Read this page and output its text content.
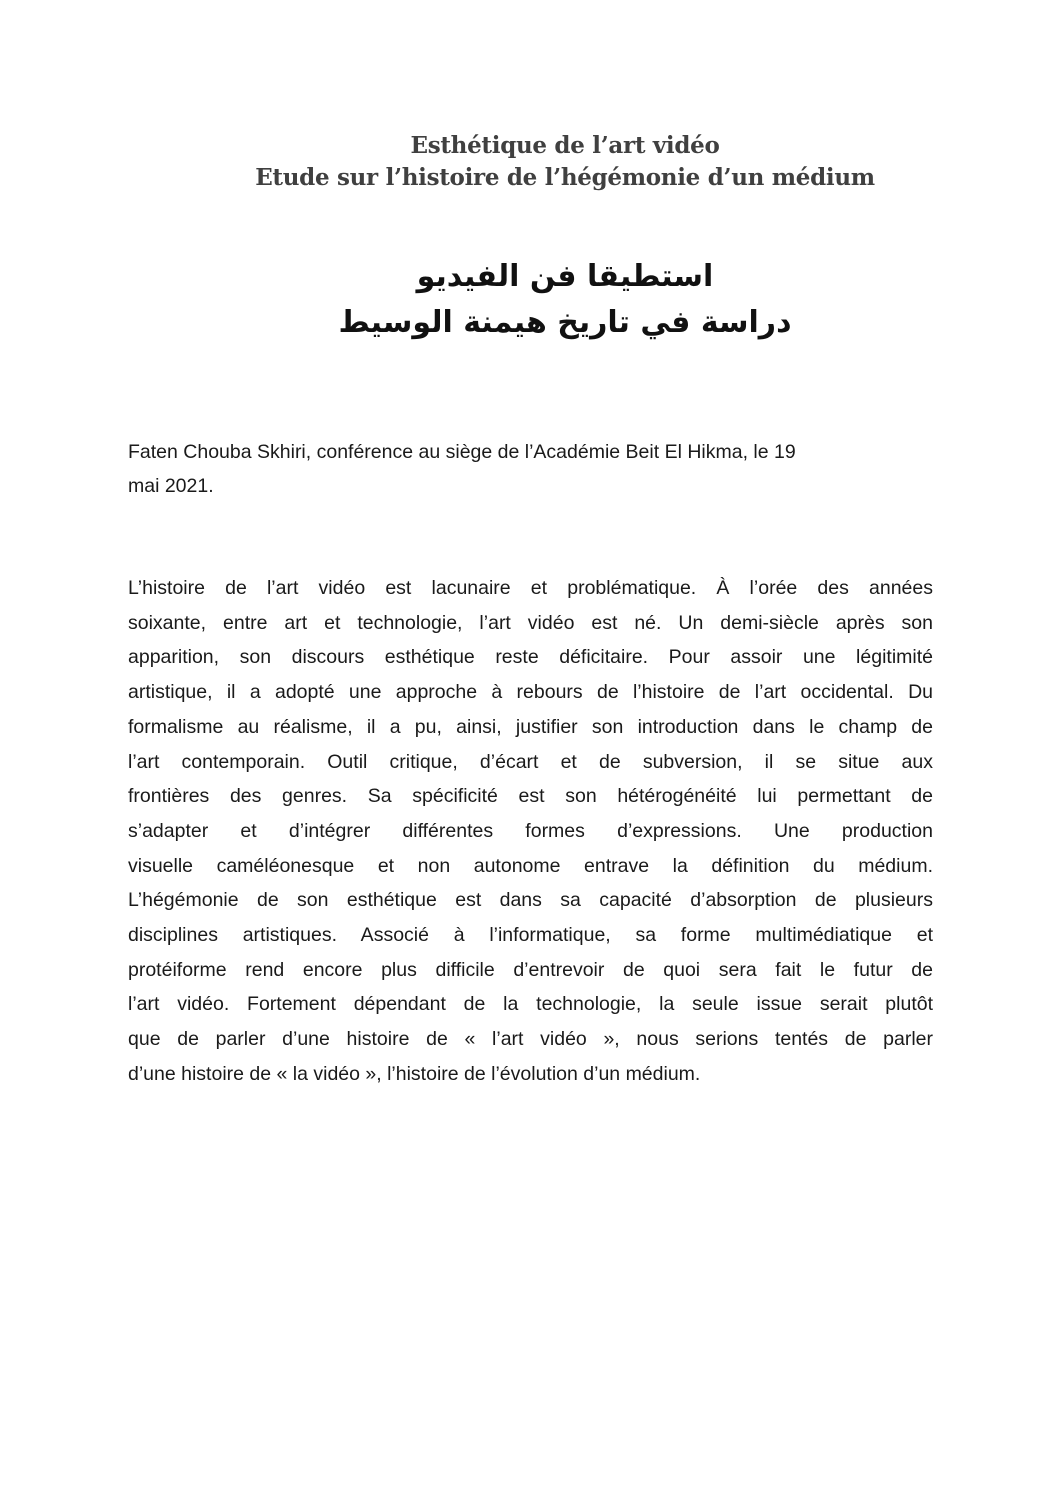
Esthétique de l’art vidéo
Etude sur l’histoire de l’hégémonie d’un médium
استطيقا فن الفيديو
دراسة في تاريخ هيمنة الوسيط
Faten Chouba Skhiri, conférence au siège de l’Académie Beit El Hikma, le 19
mai 2021.
L’histoire de l’art vidéo est lacunaire et problématique. À l’orée des années
soixante, entre art et technologie, l’art vidéo est né. Un demi-siècle après son
apparition, son discours esthétique reste déficitaire. Pour assoir une légitimité
artistique, il a adopté une approche à rebours de l’histoire de l’art occidental. Du
formalisme au réalisme, il a pu, ainsi, justifier son introduction dans le champ de
l’art contemporain. Outil critique, d’écart et de subversion, il se situe aux
frontières des genres. Sa spécificité est son hétérogénéité lui permettant de
s’adapter et d’intégrer différentes formes d’expressions. Une production
visuelle caméléonesque et non autonome entrave la définition du médium.
L’hégémonie de son esthétique est dans sa capacité d’absorption de plusieurs
disciplines artistiques. Associé à l’informatique, sa forme multimédiatique et
protéiforme rend encore plus difficile d’entrevoir de quoi sera fait le futur de
l’art vidéo. Fortement dépendant de la technologie, la seule issue serait plutôt
que de parler d’une histoire de « l’art vidéo », nous serions tentés de parler
d’une histoire de « la vidéo », l’histoire de l’évolution d’un médium.
